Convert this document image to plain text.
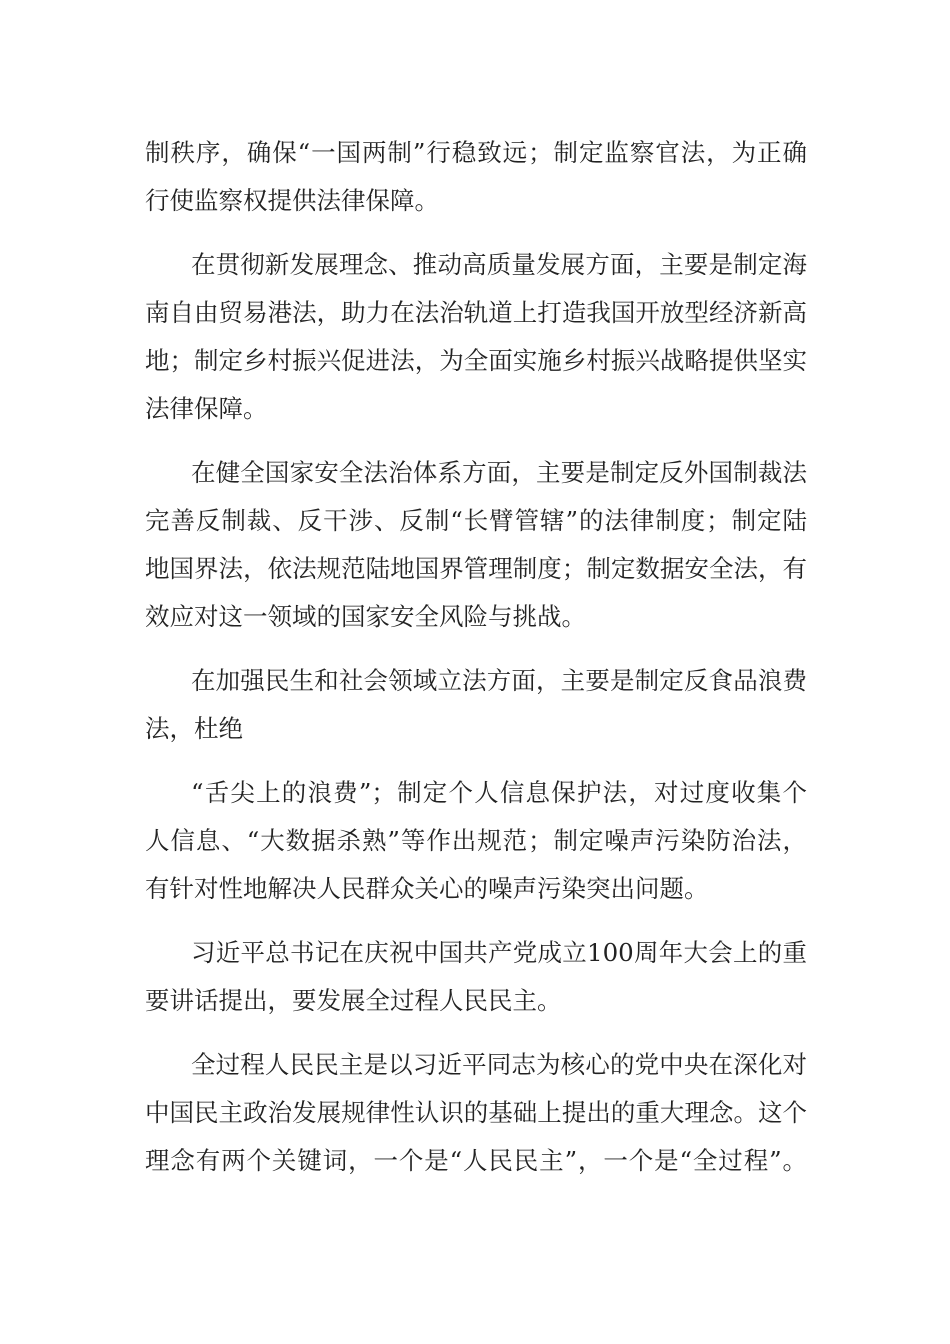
制秩序，确保“一国两制”行稳致远；制定监察官法，为正确
行使监察权提供法律保障。
在贯彻新发展理念、推动高质量发展方面，主要是制定海
南自由贸易港法，助力在法治轨道上打造我国开放型经济新高
地；制定乡村振兴促进法，为全面实施乡村振兴战略提供坚实
法律保障。
在健全国家安全法治体系方面，主要是制定反外国制裁法
完善反制裁、反干涉、反制“长臂管辖”的法律制度；制定陆
地国界法，依法规范陆地国界管理制度；制定数据安全法，有
效应对这一领域的国家安全风险与挑战。
在加强民生和社会领域立法方面，主要是制定反食品浪费
法，杜绝
“舌尖上的浪费”；制定个人信息保护法，对过度收集个
人信息、“大数据杀熟”等作出规范；制定噪声污染防治法，
有针对性地解决人民群众关心的噪声污染突出问题。
习近平总书记在庆祝中国共产党成立100周年大会上的重
要讲话提出，要发展全过程人民民主。
全过程人民民主是以习近平同志为核心的党中央在深化对
中国民主政治发展规律性认识的基础上提出的重大理念。这个
理念有两个关键词，一个是“人民民主”，一个是“全过程”。
